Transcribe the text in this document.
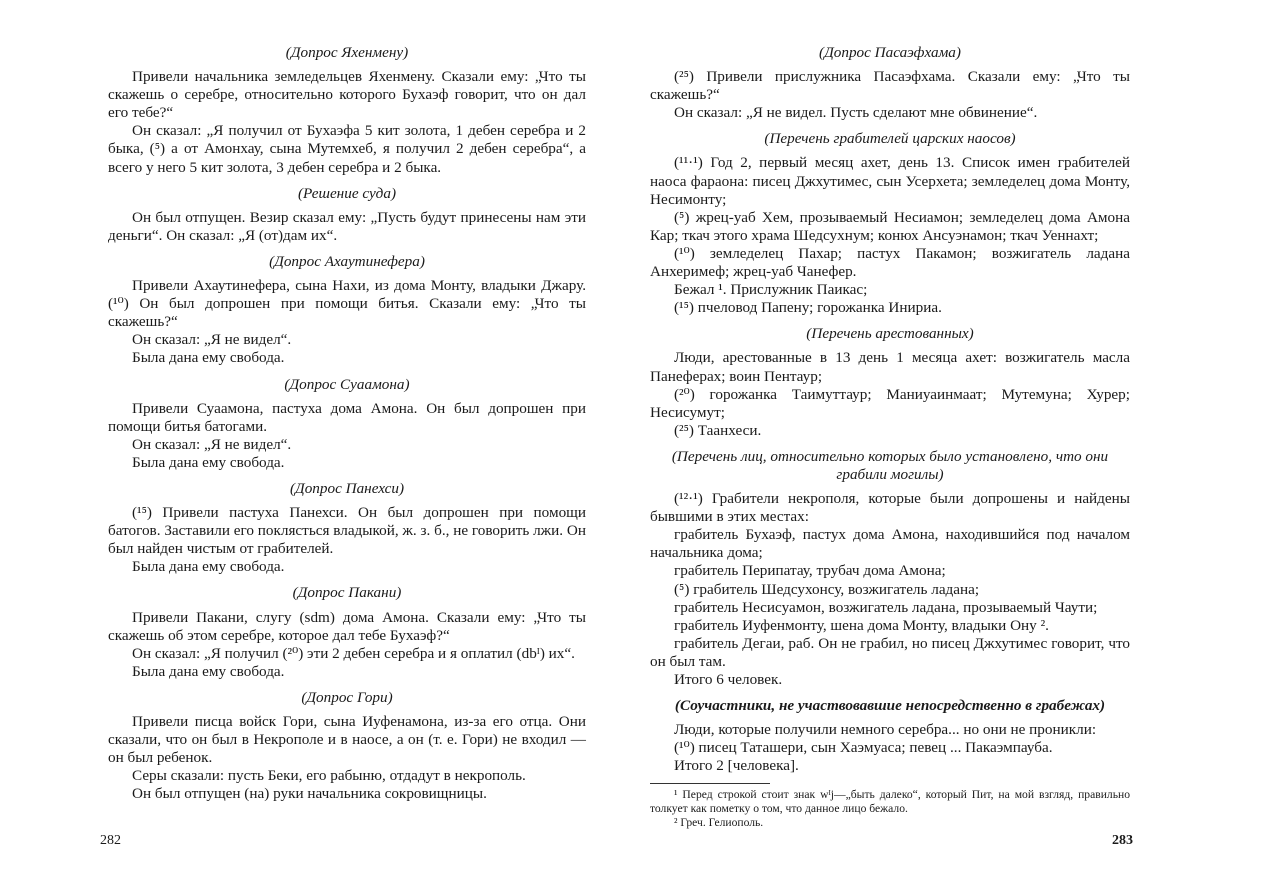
(Допрос Яхенмену)

Привели начальника земледельцев Яхенмену. Сказали ему: „Что ты скажешь о серебре, относительно которого Бухаэф говорит, что он дал его тебе?“

Он сказал: „Я получил от Бухаэфа 5 кит золота, 1 дебен серебра и 2 быка, (⁵) а от Амонхау, сына Мутемхеб, я получил 2 дебен серебра“, а всего у него 5 кит золота, 3 дебен серебра и 2 быка.

(Решение суда)

Он был отпущен. Везир сказал ему: „Пусть будут принесены нам эти деньги“. Он сказал: „Я (от)дам их“.

(Допрос Ахаутинефера)

Привели Ахаутинефера, сына Нахи, из дома Монту, владыки Джару. (¹⁰) Он был допрошен при помощи битья. Сказали ему: „Что ты скажешь?“

Он сказал: „Я не видел“.

Была дана ему свобода.

(Допрос Суаамона)

Привели Суаамона, пастуха дома Амона. Он был допрошен при помощи битья батогами.

Он сказал: „Я не видел“.

Была дана ему свобода.

(Допрос Панехси)

(¹⁵) Привели пастуха Панехси. Он был допрошен при помощи батогов. Заставили его поклясться владыкой, ж. з. б., не говорить лжи. Он был найден чистым от грабителей.

Была дана ему свобода.

(Допрос Пакани)

Привели Пакани, слугу (sdm) дома Амона. Сказали ему: „Что ты скажешь об этом серебре, которое дал тебе Бухаэф?“

Он сказал: „Я получил (²⁰) эти 2 дебен серебра и я оплатил (dbᴵ) их“.

Была дана ему свобода.

(Допрос Гори)

Привели писца войск Гори, сына Иуфенамона, из-за его отца. Они сказали, что он был в Некрополе и в наосе, а он (т. е. Гори) не входил — он был ребенок.

Серы сказали: пусть Беки, его рабыню, отдадут в некрополь.

Он был отпущен (на) руки начальника сокровищницы.

282
(Допрос Пасаэфхама)

(²⁵) Привели прислужника Пасаэфхама. Сказали ему: „Что ты скажешь?“

Он сказал: „Я не видел. Пусть сделают мне обвинение“.

(Перечень грабителей царских наосов)

(¹¹·¹) Год 2, первый месяц ахет, день 13. Список имен грабителей наоса фараона: писец Джхутимес, сын Усерхета; земледелец дома Монту, Несимонту;

(⁵) жрец-уаб Хем, прозываемый Несиамон; земледелец дома Амона Кар; ткач этого храма Шедсухнум; конюх Ансуэнамон; ткач Уеннахт;

(¹⁰) земледелец Пахар; пастух Пакамон; возжигатель ладана Анхеримеф; жрец-уаб Чанефер.

Бежал ¹. Прислужник Паикас;

(¹⁵) пчеловод Папену; горожанка Инириа.

(Перечень арестованных)

Люди, арестованные в 13 день 1 месяца ахет: возжигатель масла Панеферах; воин Пентаур;

(²⁰) горожанка Таимуттаур; Маниуаинмаат; Мутемуна; Хурер; Несисумут;

(²⁵) Таанхеси.

(Перечень лиц, относительно которых было установлено, что они грабили могилы)

(¹²·¹) Грабители некрополя, которые были допрошены и найдены бывшими в этих местах:

грабитель Бухаэф, пастух дома Амона, находившийся под началом начальника дома;

грабитель Перипатау, трубач дома Амона;

(⁵) грабитель Шедсухонсу, возжигатель ладана;

грабитель Несисуамон, возжигатель ладана, прозываемый Чаути;

грабитель Иуфенмонту, шена дома Монту, владыки Ону ².

грабитель Дегаи, раб. Он не грабил, но писец Джхутимес говорит, что он был там.

Итого 6 человек.

(Соучастники, не участвовавшие непосредственно в грабежах)

Люди, которые получили немного серебра... но они не проникли:

(¹⁰) писец Таташери, сын Хаэмуаса; певец ... Пакаэмпауба.

Итого 2 [человека].

¹ Перед строкой стоит знак wᴵj—„быть далеко“, который Пит, на мой взгляд, правильно толкует как пометку о том, что данное лицо бежало.

² Греч. Гелиополь.

283
